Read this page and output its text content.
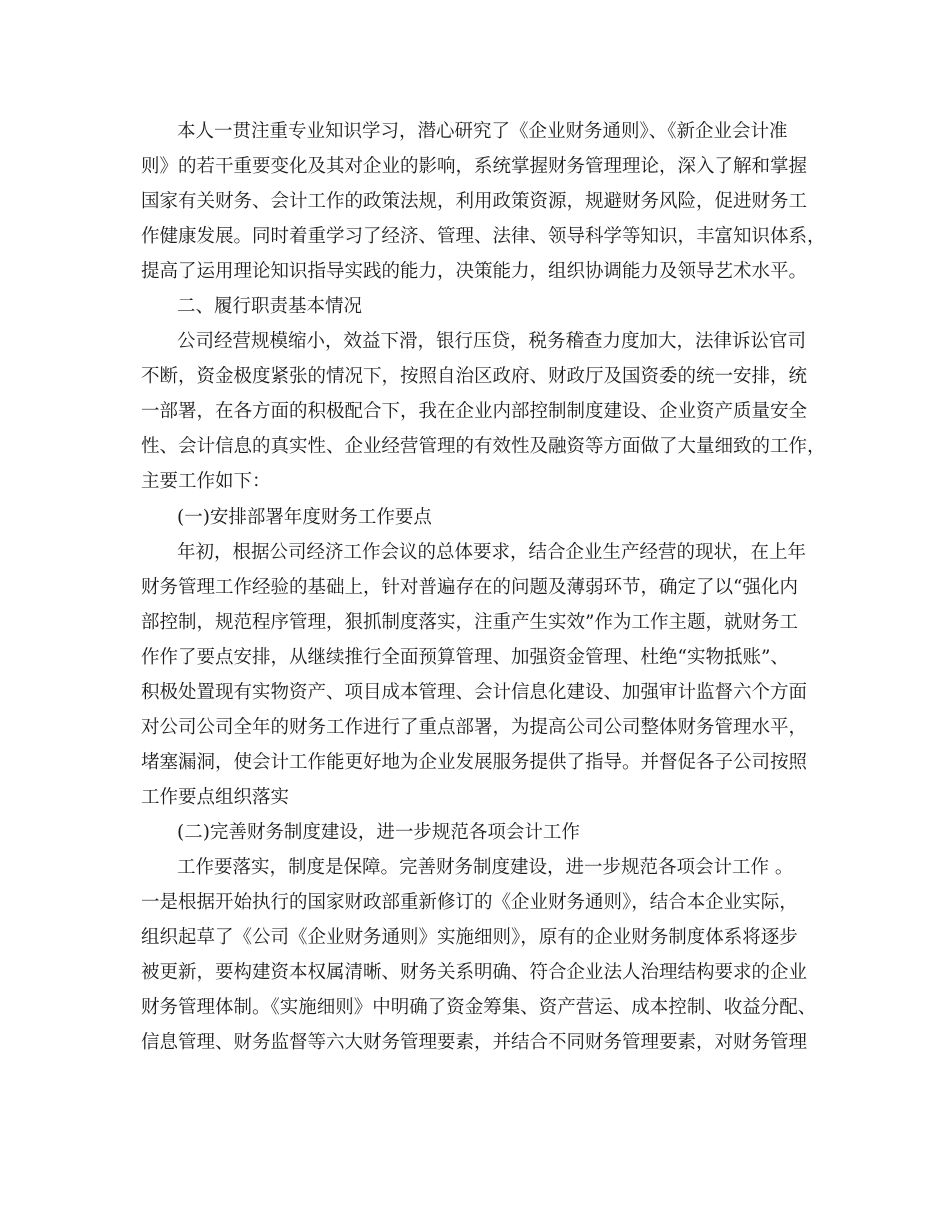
本人一贯注重专业知识学习，潜心研究了《企业财务通则》、《新企业会计准

则》的若干重要变化及其对企业的影响，系统掌握财务管理理论，深入了解和掌握

国家有关财务、会计工作的政策法规，利用政策资源，规避财务风险，促进财务工

作健康发展。同时着重学习了经济、管理、法律、领导科学等知识，丰富知识体系，

提高了运用理论知识指导实践的能力，决策能力，组织协调能力及领导艺术水平。

二、履行职责基本情况

公司经营规模缩小，效益下滑，银行压贷，税务稽查力度加大，法律诉讼官司

不断，资金极度紧张的情况下，按照自治区政府、财政厅及国资委的统一安排，统

一部署，在各方面的积极配合下，我在企业内部控制制度建设、企业资产质量安全

性、会计信息的真实性、企业经营管理的有效性及融资等方面做了大量细致的工作，

主要工作如下：

(一)安排部署年度财务工作要点

年初，根据公司经济工作会议的总体要求，结合企业生产经营的现状，在上年

财务管理工作经验的基础上，针对普遍存在的问题及薄弱环节，确定了以“强化内

部控制，规范程序管理，狠抓制度落实，注重产生实效”作为工作主题，就财务工

作作了要点安排，从继续推行全面预算管理、加强资金管理、杜绝“实物抵账”、

积极处置现有实物资产、项目成本管理、会计信息化建设、加强审计监督六个方面

对公司公司全年的财务工作进行了重点部署，为提高公司公司整体财务管理水平，

堵塞漏洞，使会计工作能更好地为企业发展服务提供了指导。并督促各子公司按照

工作要点组织落实

(二)完善财务制度建设，进一步规范各项会计工作

工作要落实，制度是保障。完善财务制度建设，进一步规范各项会计工作 。

一是根据开始执行的国家财政部重新修订的《企业财务通则》，结合本企业实际，

组织起草了《公司《企业财务通则》实施细则》，原有的企业财务制度体系将逐步

被更新，要构建资本权属清晰、财务关系明确、符合企业法人治理结构要求的企业

财务管理体制。《实施细则》中明确了资金筹集、资产营运、成本控制、收益分配、

信息管理、财务监督等六大财务管理要素，并结合不同财务管理要素，对财务管理
